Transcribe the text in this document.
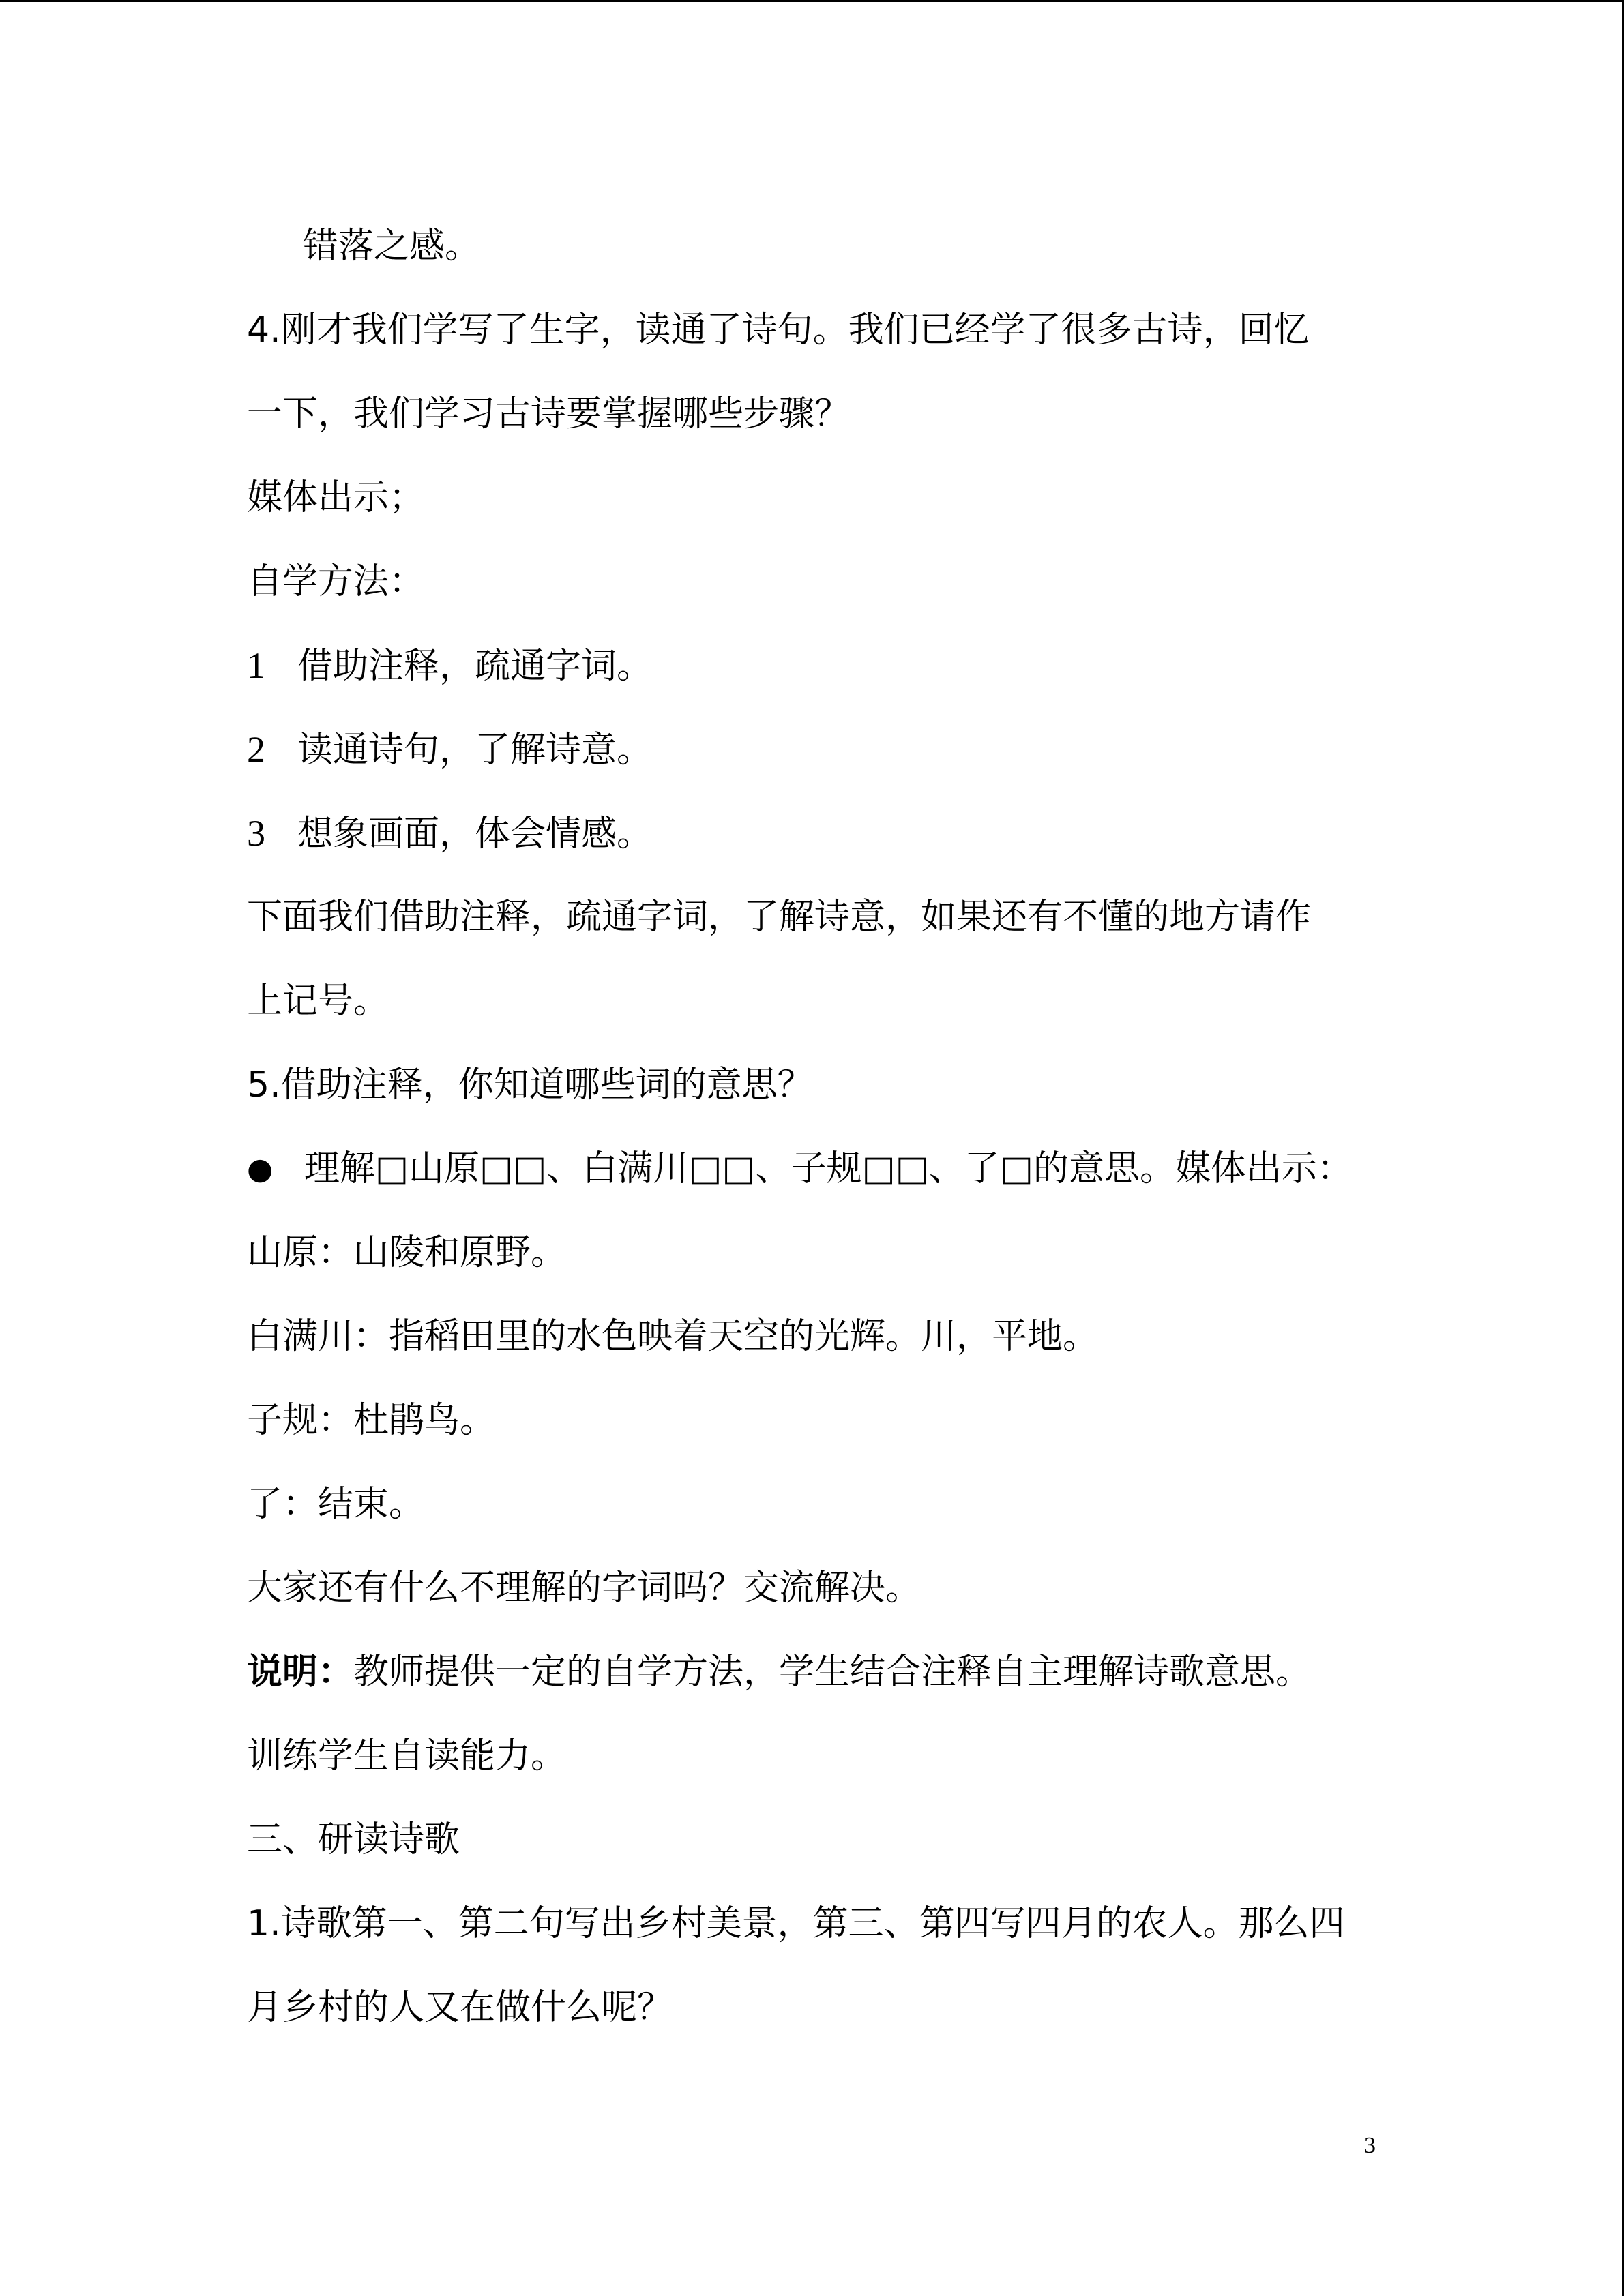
错落之感。
4.刚才我们学写了生字，读通了诗句。我们已经学了很多古诗，回忆
一下，我们学习古诗要掌握哪些步骤？
媒体出示；
自学方法：
1 借助注释，疏通字词。
2 读通诗句，了解诗意。
3 想象画面，体会情感。
下面我们借助注释，疏通字词，了解诗意，如果还有不懂的地方请作
上记号。
5.借助注释，你知道哪些词的意思？
● 理解□山原□□、白满川□□、子规□□、了□的意思。媒体出示：
山原：山陵和原野。
白满川：指稻田里的水色映着天空的光辉。川，平地。
子规：杜鹃鸟。
了：结束。
大家还有什么不理解的字词吗？交流解决。
说明：教师提供一定的自学方法，学生结合注释自主理解诗歌意思。
训练学生自读能力。
三、研读诗歌
1.诗歌第一、第二句写出乡村美景，第三、第四写四月的农人。那么四
月乡村的人又在做什么呢？
3
